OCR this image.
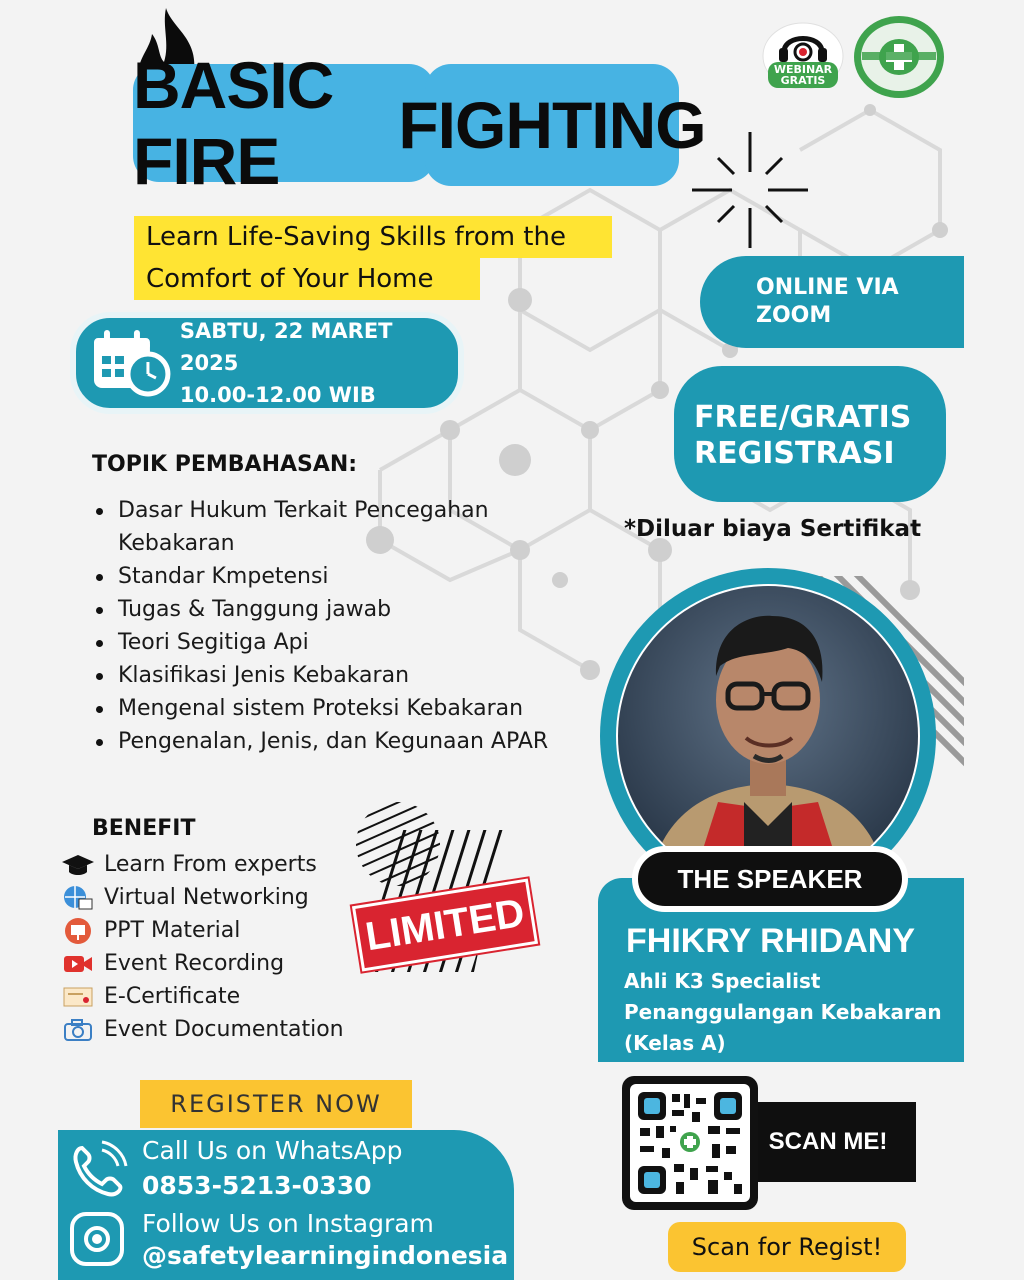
BASIC FIRE	FIGHTING
WEBINAR
GRATIS
Learn Life-Saving Skills from the
Comfort of Your Home
SABTU, 22 MARET 2025
10.00-12.00 WIB
ONLINE VIA
ZOOM
FREE/GRATIS
REGISTRASI
*Diluar biaya Sertifikat
TOPIK PEMBAHASAN:
Dasar Hukum Terkait Pencegahan Kebakaran
Standar Kmpetensi
Tugas & Tanggung jawab
Teori Segitiga Api
Klasifikasi Jenis Kebakaran
Mengenal sistem Proteksi Kebakaran
Pengenalan, Jenis, dan Kegunaan APAR
BENEFIT
Learn From experts
Virtual Networking
PPT Material
Event Recording
E-Certificate
Event Documentation
LIMITED
REGISTER NOW
Call Us on WhatsApp
0853-5213-0330
Follow Us on Instagram
@safetylearningindonesia
THE SPEAKER
FHIKRY RHIDANY
Ahli K3 Specialist
Penanggulangan Kebakaran
(Kelas A)
SCAN ME!
Scan for Regist!
